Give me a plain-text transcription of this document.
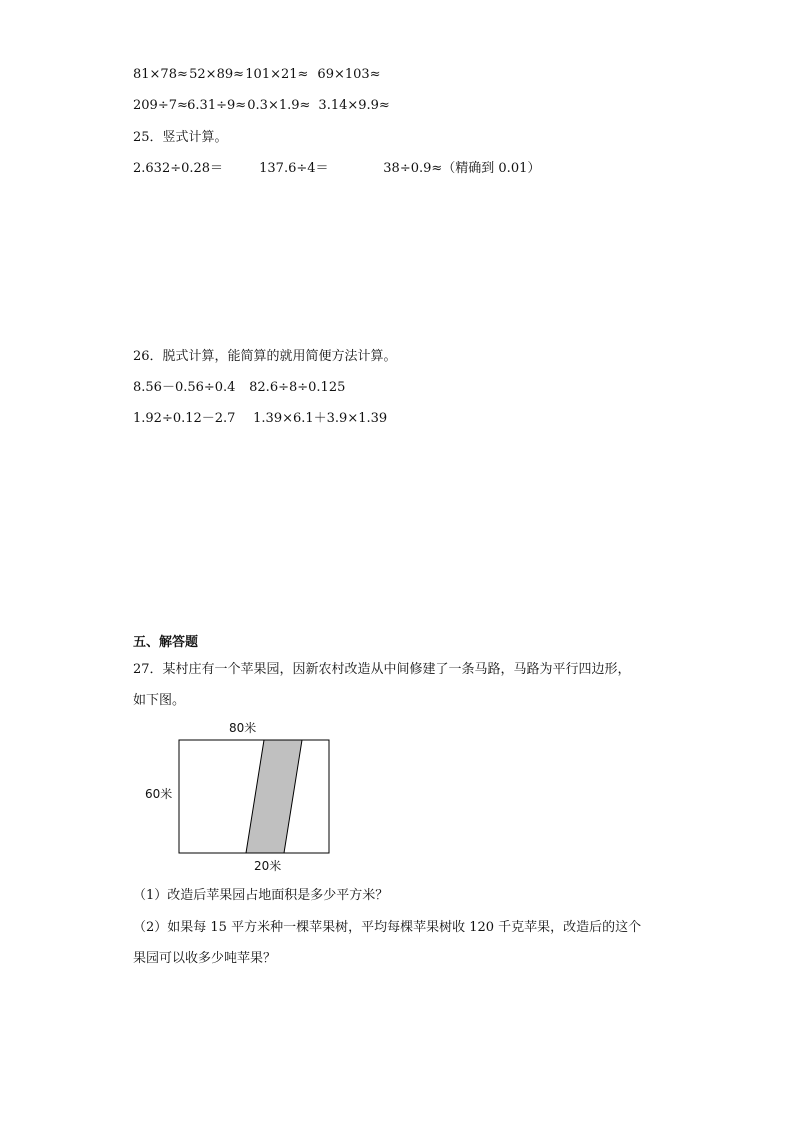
81×78≈ 52×89≈ 101×21≈ 69×103≈
209÷7≈ 6.31÷9≈ 0.3×1.9≈ 3.14×9.9≈
25．竖式计算。
2.632÷0.28＝	137.6÷4＝	38÷0.9≈（精确到 0.01）
26．脱式计算，能简算的就用简便方法计算。
8.56－0.56÷0.4 82.6÷8÷0.125
1.92÷0.12－2.7 1.39×6.1＋3.9×1.39
五、解答题
27．某村庄有一个苹果园，因新农村改造从中间修建了一条马路，马路为平行四边形，
如下图。
80米
60米
20米
（1）改造后苹果园占地面积是多少平方米？
（2）如果每 15 平方米种一棵苹果树，平均每棵苹果树收 120 千克苹果，改造后的这个
果园可以收多少吨苹果？
